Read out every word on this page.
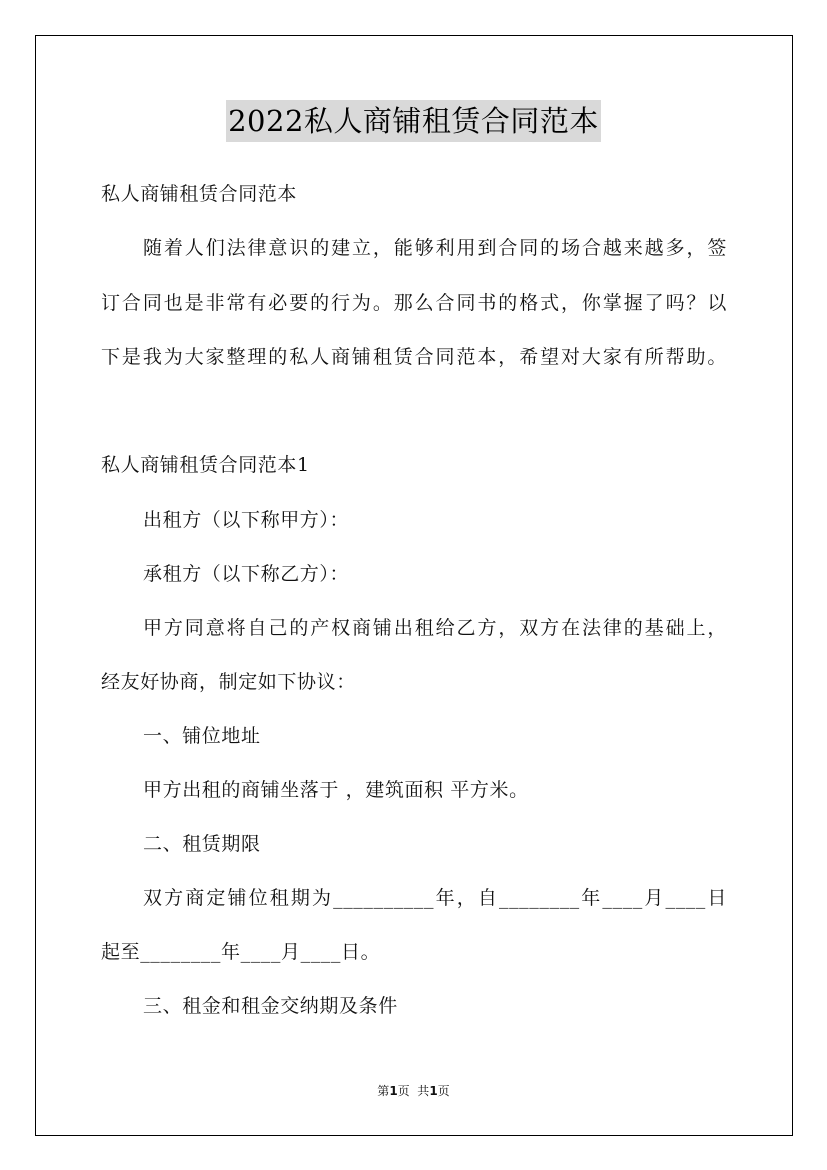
2022私人商铺租赁合同范本
私人商铺租赁合同范本
随着人们法律意识的建立，能够利用到合同的场合越来越多，签
订合同也是非常有必要的行为。那么合同书的格式，你掌握了吗？以
下是我为大家整理的私人商铺租赁合同范本，希望对大家有所帮助。
私人商铺租赁合同范本1
出租方（以下称甲方）：
承租方（以下称乙方）：
甲方同意将自己的产权商铺出租给乙方，双方在法律的基础上，
经友好协商，制定如下协议：
一、铺位地址
甲方出租的商铺坐落于 ，建筑面积 平方米。
二、租赁期限
双方商定铺位租期为__________年，自________年____月____日
起至________年____月____日。
三、租金和租金交纳期及条件
第1页  共1页
